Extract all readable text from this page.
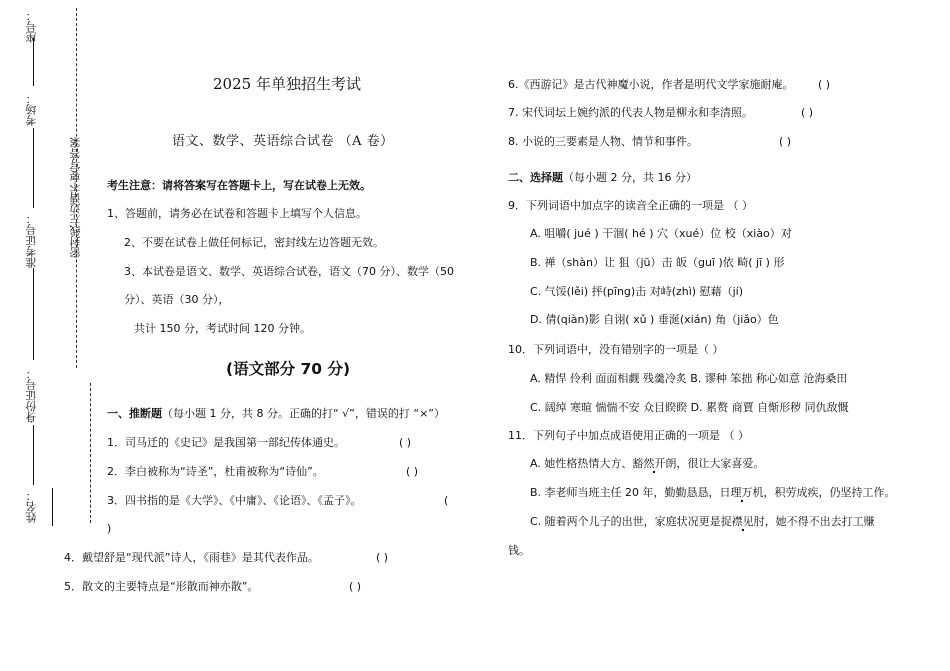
座号：
考场：
准考证号：
身份证号：
姓名：
密封线左边请不要写答案
2025 年单独招生考试
语文、数学、英语综合试卷 （A 卷）
考生注意：请将答案写在答题卡上，写在试卷上无效。
1、答题前，请务必在试卷和答题卡上填写个人信息。
2、不要在试卷上做任何标记，密封线左边答题无效。
3、本试卷是语文、数学、英语综合试卷，语文（70 分）、数学（50
分）、英语（30 分），
共计 150 分，考试时间 120 分钟。
(语文部分 70 分)
一、推断题（每小题 1 分，共 8 分。正确的打“ √”，错误的打 “×”）
1．司马迁的《史记》是我国第一部纪传体通史。	( )
2．李白被称为“诗圣”，杜甫被称为“诗仙”。	( )
3．四书指的是《大学》、《中庸》、《论语》、《孟子》。	(
)
4．戴望舒是“现代派”诗人，《雨巷》是其代表作品。	( )
5．散文的主要特点是“形散而神亦散”。	( )
6.《西游记》是古代神魔小说，作者是明代文学家施耐庵。 ( )
7. 宋代词坛上婉约派的代表人物是柳永和李清照。	( )
8. 小说的三要素是人物、情节和事件。	( )
二、选择题（每小题 2 分，共 16 分）
9．下列词语中加点字的读音全正确的一项是 （ ）
A. 咀嚼( jué ) 干涸( hé ) 穴（xué）位 校（xiào）对
B. 禅（shàn）让 狙（jū）击 皈（guī )依 畸( jī ) 形
C. 气馁(lěi) 抨(pīng)击 对峙(zhì) 慰藉（jí)
D. 倩(qiàn)影 自诩( xǔ ) 垂涎(xián) 角（jiǎo）色
10．下列词语中，没有错别字的一项是（ ）
A. 精悍 伶利 面面相觑 残羹冷炙 B. 谬种 笨拙 称心如意 沧海桑田
C. 阔绰 寒暄 惴惴不安 众目睽睽 D. 累赘 商賈 自惭形秽 同仇敌慨
11．下列句子中加点成语使用正确的一项是 （ ）
A. 她性格热情大方、豁然开朗，很让大家喜爱。
B. 李老师当班主任 20 年，勤勤恳恳，日理万机，积劳成疾，仍坚持工作。
C. 随着两个儿子的出世，家庭状况更是捉襟见肘，她不得不出去打工赚
钱。
